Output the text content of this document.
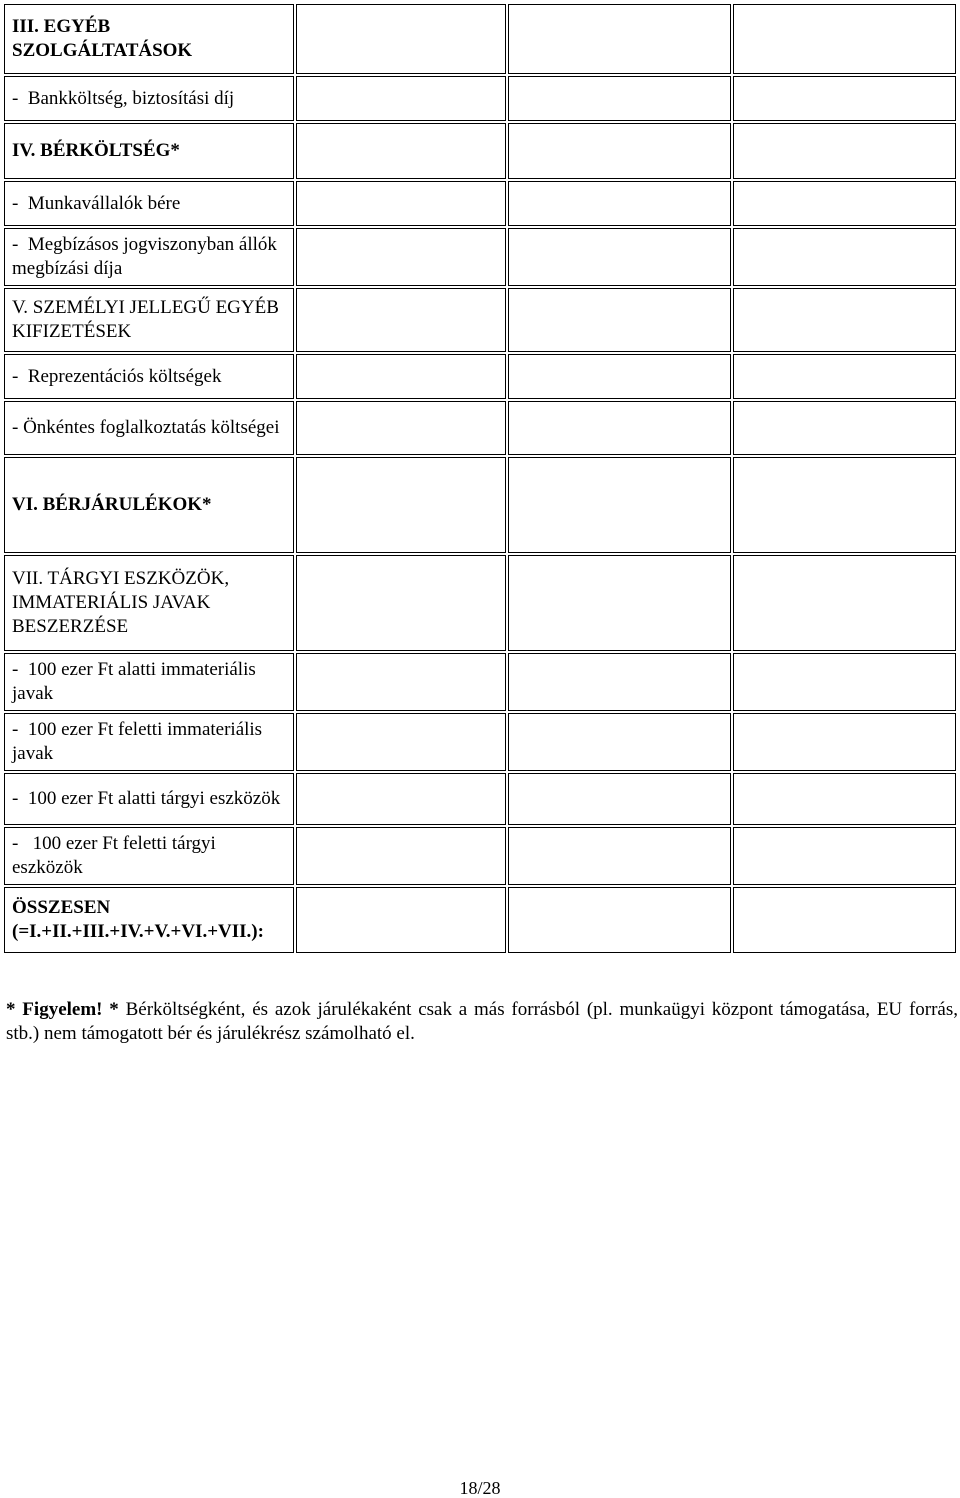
III. EGYÉB SZOLGÁLTATÁSOK			
-  Bankköltség, biztosítási díj			
IV. BÉRKÖLTSÉG*			
-  Munkavállalók bére			
-  Megbízásos jogviszonyban állók megbízási díja			
V. SZEMÉLYI JELLEGŰ EGYÉB KIFIZETÉSEK			
-  Reprezentációs költségek			
- Önkéntes foglalkoztatás költségei			
VI. BÉRJÁRULÉKOK*			
VII. TÁRGYI ESZKÖZÖK, IMMATERIÁLIS JAVAK BESZERZÉSE			
-  100 ezer Ft alatti immateriális javak			
-  100 ezer Ft feletti immateriális javak			
-  100 ezer Ft alatti tárgyi eszközök			
-   100 ezer Ft feletti tárgyi eszközök			
ÖSSZESEN (=I.+II.+III.+IV.+V.+VI.+VII.):			
* Figyelem! * Bérköltségként, és azok járulékaként csak a más forrásból (pl. munkaügyi központ támogatása, EU forrás, stb.) nem támogatott bér és járulékrész számolható el.
18/28
